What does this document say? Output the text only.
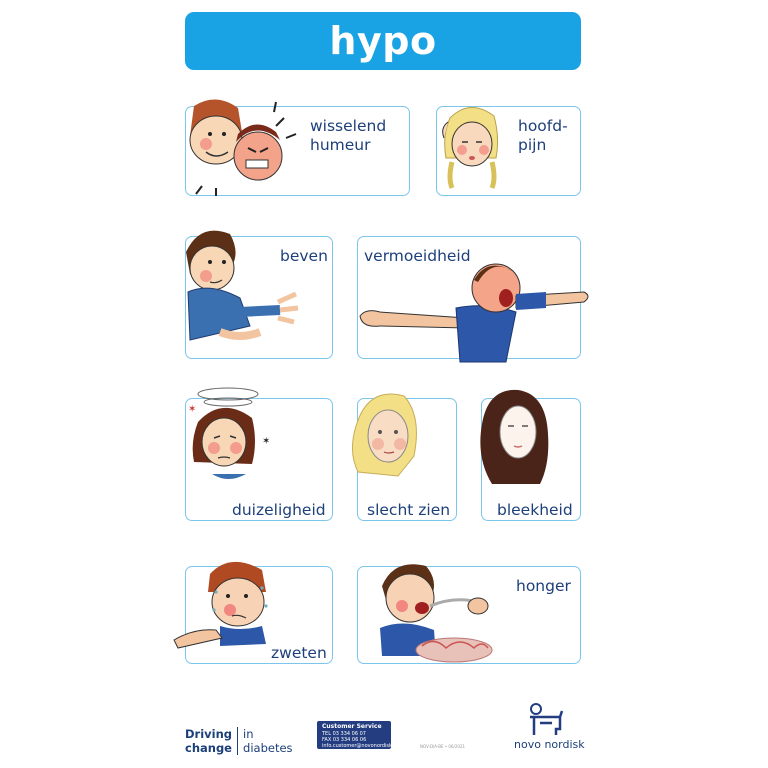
hypo
wisselend
humeur
hoofd-
pijn
beven vermoeidheid
duizeligheid
✶
✶
slecht zien	bleekheid
zweten
honger
Driving
change
in
diabetes
Customer Service
TEL 03 334 06 07
FAX 03 334 06 06
info.customer@novonordisk.com	NOV-DIA-BE • 06/2021	novo nordisk
